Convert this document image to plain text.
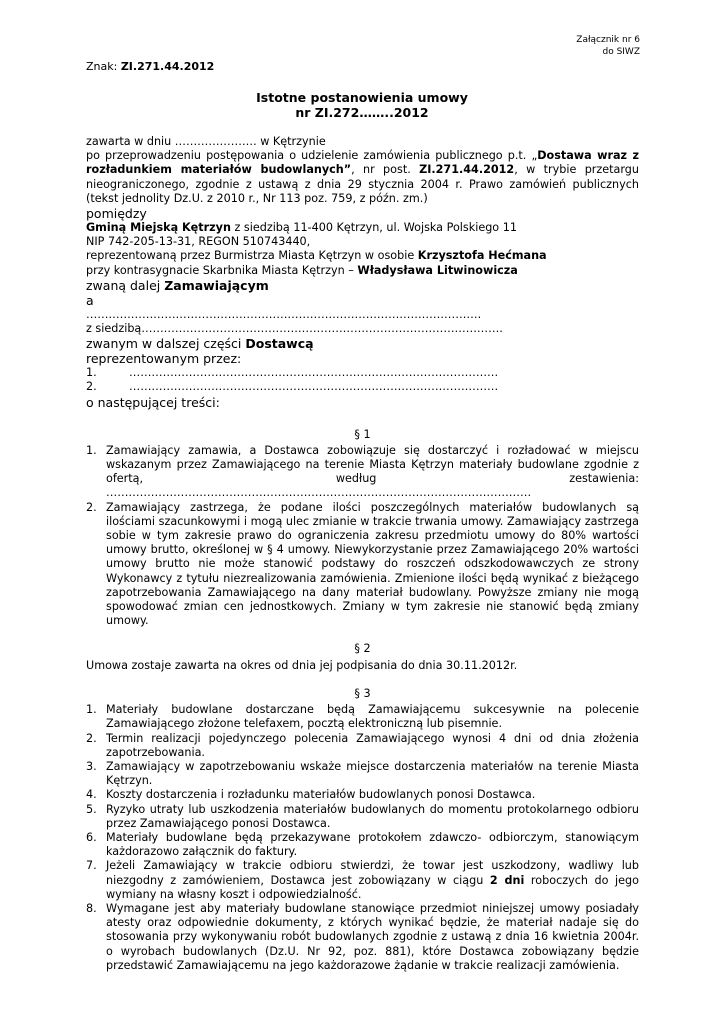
Załącznik nr 6
do SIWZ
Znak: ZI.271.44.2012
Istotne postanowienia umowy
nr ZI.272……..2012

zawarta w dniu …………………. w Kętrzynie

po przeprowadzeniu postępowania o udzielenie zamówienia publicznego p.t. „Dostawa wraz z rozładunkiem materiałów budowlanych”, nr post. ZI.271.44.2012, w trybie przetargu nieograniczonego, zgodnie z ustawą z dnia 29 stycznia 2004 r. Prawo zamówień publicznych (tekst jednolity Dz.U. z 2010 r., Nr 113 poz. 759, z późn. zm.)

pomiędzy

Gminą Miejską Kętrzyn z siedzibą 11-400 Kętrzyn, ul. Wojska Polskiego 11

NIP 742-205-13-31, REGON 510743440,

reprezentowaną przez Burmistrza Miasta Kętrzyn w osobie Krzysztofa Hećmana

przy kontrasygnacie Skarbnika Miasta Kętrzyn – Władysława Litwinowicza

zwaną dalej Zamawiającym

a

…………………………………………………………………………………………….

z siedzibą…………………………………………………………………………………….

zwanym w dalszej części Dostawcą

reprezentowanym przez:

1.	………………………………………………………………………………………
2.	………………………………………………………………………………………

o następującej treści:

§ 1
1. Zamawiający zamawia, a Dostawca zobowiązuje się dostarczyć i rozładować w miejscu wskazanym przez Zamawiającego na terenie Miasta Kętrzyn materiały budowlane zgodnie z ofertą, według zestawienia: ……………………………………………………………………………………………………
2. Zamawiający zastrzega, że podane ilości poszczególnych materiałów budowlanych są ilościami szacunkowymi i mogą ulec zmianie w trakcie trwania umowy. Zamawiający zastrzega sobie w tym zakresie prawo do ograniczenia zakresu przedmiotu umowy do 80% wartości umowy brutto, określonej w § 4 umowy. Niewykorzystanie przez Zamawiającego 20% wartości umowy brutto nie może stanowić podstawy do roszczeń odszkodowawczych ze strony Wykonawcy z tytułu niezrealizowania zamówienia. Zmienione ilości będą wynikać z bieżącego zapotrzebowania Zamawiającego na dany materiał budowlany. Powyższe zmiany nie mogą spowodować zmian cen jednostkowych. Zmiany w tym zakresie nie stanowić będą zmiany umowy.
§ 2

Umowa zostaje zawarta na okres od dnia jej podpisania do dnia 30.11.2012r.

§ 3
1. Materiały budowlane dostarczane będą Zamawiającemu sukcesywnie na polecenie Zamawiającego złożone telefaxem, pocztą elektroniczną lub pisemnie.
2. Termin realizacji pojedynczego polecenia Zamawiającego wynosi 4 dni od dnia złożenia zapotrzebowania.
3. Zamawiający w zapotrzebowaniu wskaże miejsce dostarczenia materiałów na terenie Miasta Kętrzyn.
4. Koszty dostarczenia i rozładunku materiałów budowlanych ponosi Dostawca.
5. Ryzyko utraty lub uszkodzenia materiałów budowlanych do momentu protokolarnego odbioru przez Zamawiającego ponosi Dostawca.
6. Materiały budowlane będą przekazywane protokołem zdawczo- odbiorczym, stanowiącym każdorazowo załącznik do faktury.
7. Jeżeli Zamawiający w trakcie odbioru stwierdzi, że towar jest uszkodzony, wadliwy lub niezgodny z zamówieniem, Dostawca jest zobowiązany w ciągu 2 dni roboczych do jego wymiany na własny koszt i odpowiedzialność.
8. Wymagane jest aby materiały budowlane stanowiące przedmiot niniejszej umowy posiadały atesty oraz odpowiednie dokumenty, z których wynikać będzie, że materiał nadaje się do stosowania przy wykonywaniu robót budowlanych zgodnie z ustawą z dnia 16 kwietnia 2004r. o wyrobach budowlanych (Dz.U. Nr 92, poz. 881), które Dostawca zobowiązany będzie przedstawić Zamawiającemu na jego każdorazowe żądanie w trakcie realizacji zamówienia.
